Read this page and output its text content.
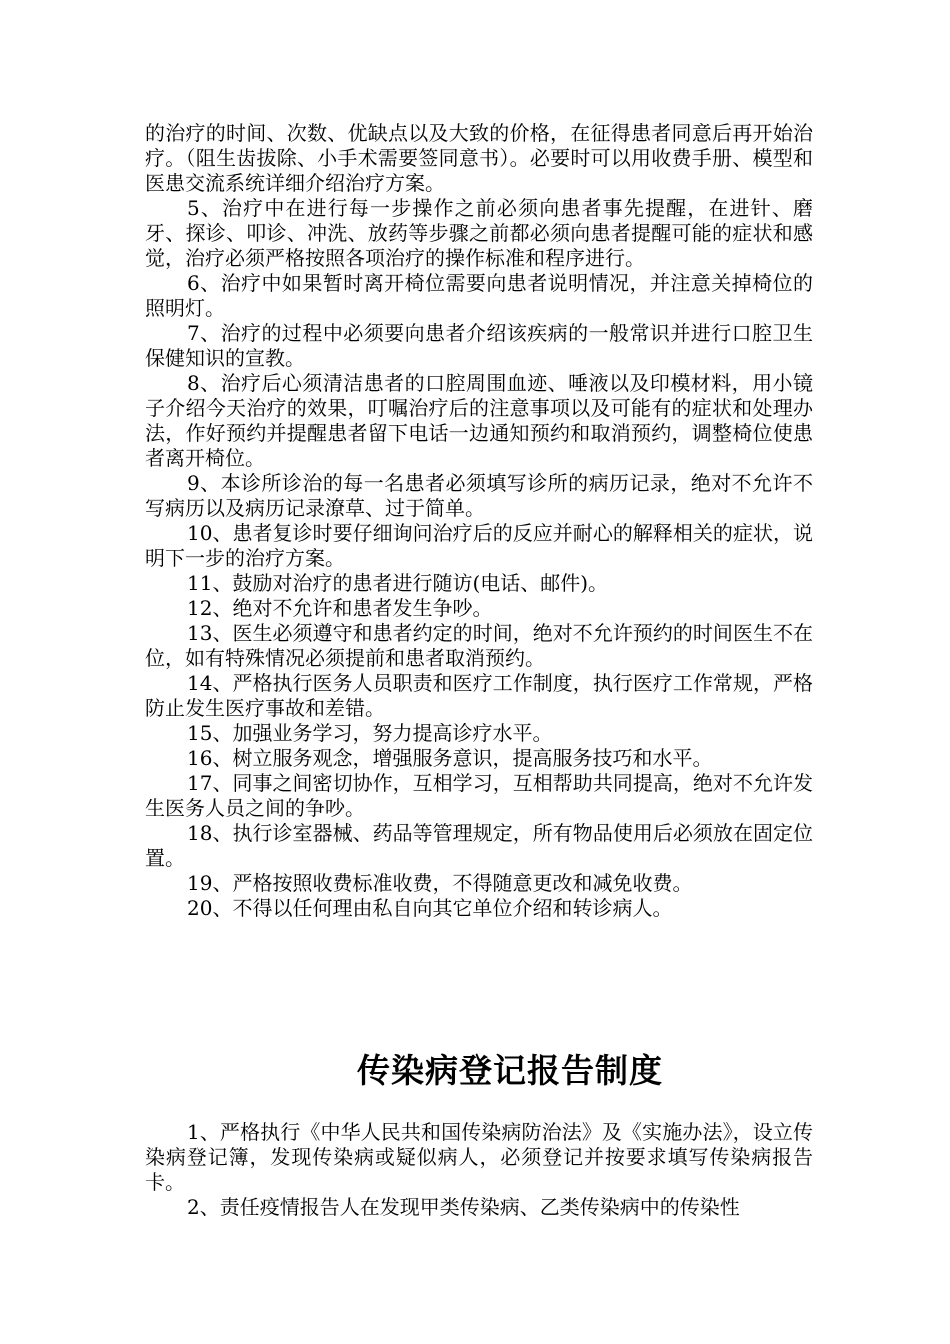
的治疗的时间、次数、优缺点以及大致的价格，在征得患者同意后再开始治疗。（阻生齿拔除、小手术需要签同意书）。必要时可以用收费手册、模型和医患交流系统详细介绍治疗方案。

5、治疗中在进行每一步操作之前必须向患者事先提醒，在进针、磨牙、探诊、叩诊、冲洗、放药等步骤之前都必须向患者提醒可能的症状和感觉，治疗必须严格按照各项治疗的操作标准和程序进行。

6、治疗中如果暂时离开椅位需要向患者说明情况，并注意关掉椅位的照明灯。

7、治疗的过程中必须要向患者介绍该疾病的一般常识并进行口腔卫生保健知识的宣教。

8、治疗后心须清洁患者的口腔周围血迹、唾液以及印模材料，用小镜子介绍今天治疗的效果，叮嘱治疗后的注意事项以及可能有的症状和处理办法，作好预约并提醒患者留下电话一边通知预约和取消预约，调整椅位使患者离开椅位。

9、本诊所诊治的每一名患者必须填写诊所的病历记录，绝对不允许不写病历以及病历记录潦草、过于简单。

10、患者复诊时要仔细询问治疗后的反应并耐心的解释相关的症状，说明下一步的治疗方案。

11、鼓励对治疗的患者进行随访(电话、邮件)。

12、绝对不允许和患者发生争吵。

13、医生必须遵守和患者约定的时间，绝对不允许预约的时间医生不在位，如有特殊情况必须提前和患者取消预约。

14、严格执行医务人员职责和医疗工作制度，执行医疗工作常规，严格防止发生医疗事故和差错。

15、加强业务学习，努力提高诊疗水平。

16、树立服务观念，增强服务意识，提高服务技巧和水平。

17、同事之间密切协作，互相学习，互相帮助共同提高，绝对不允许发生医务人员之间的争吵。

18、执行诊室器械、药品等管理规定，所有物品使用后必须放在固定位置。

19、严格按照收费标准收费，不得随意更改和减免收费。

20、不得以任何理由私自向其它单位介绍和转诊病人。

传染病登记报告制度

1、严格执行《中华人民共和国传染病防治法》及《实施办法》，设立传染病登记簿，发现传染病或疑似病人，必须登记并按要求填写传染病报告卡。

2、责任疫情报告人在发现甲类传染病、乙类传染病中的传染性
